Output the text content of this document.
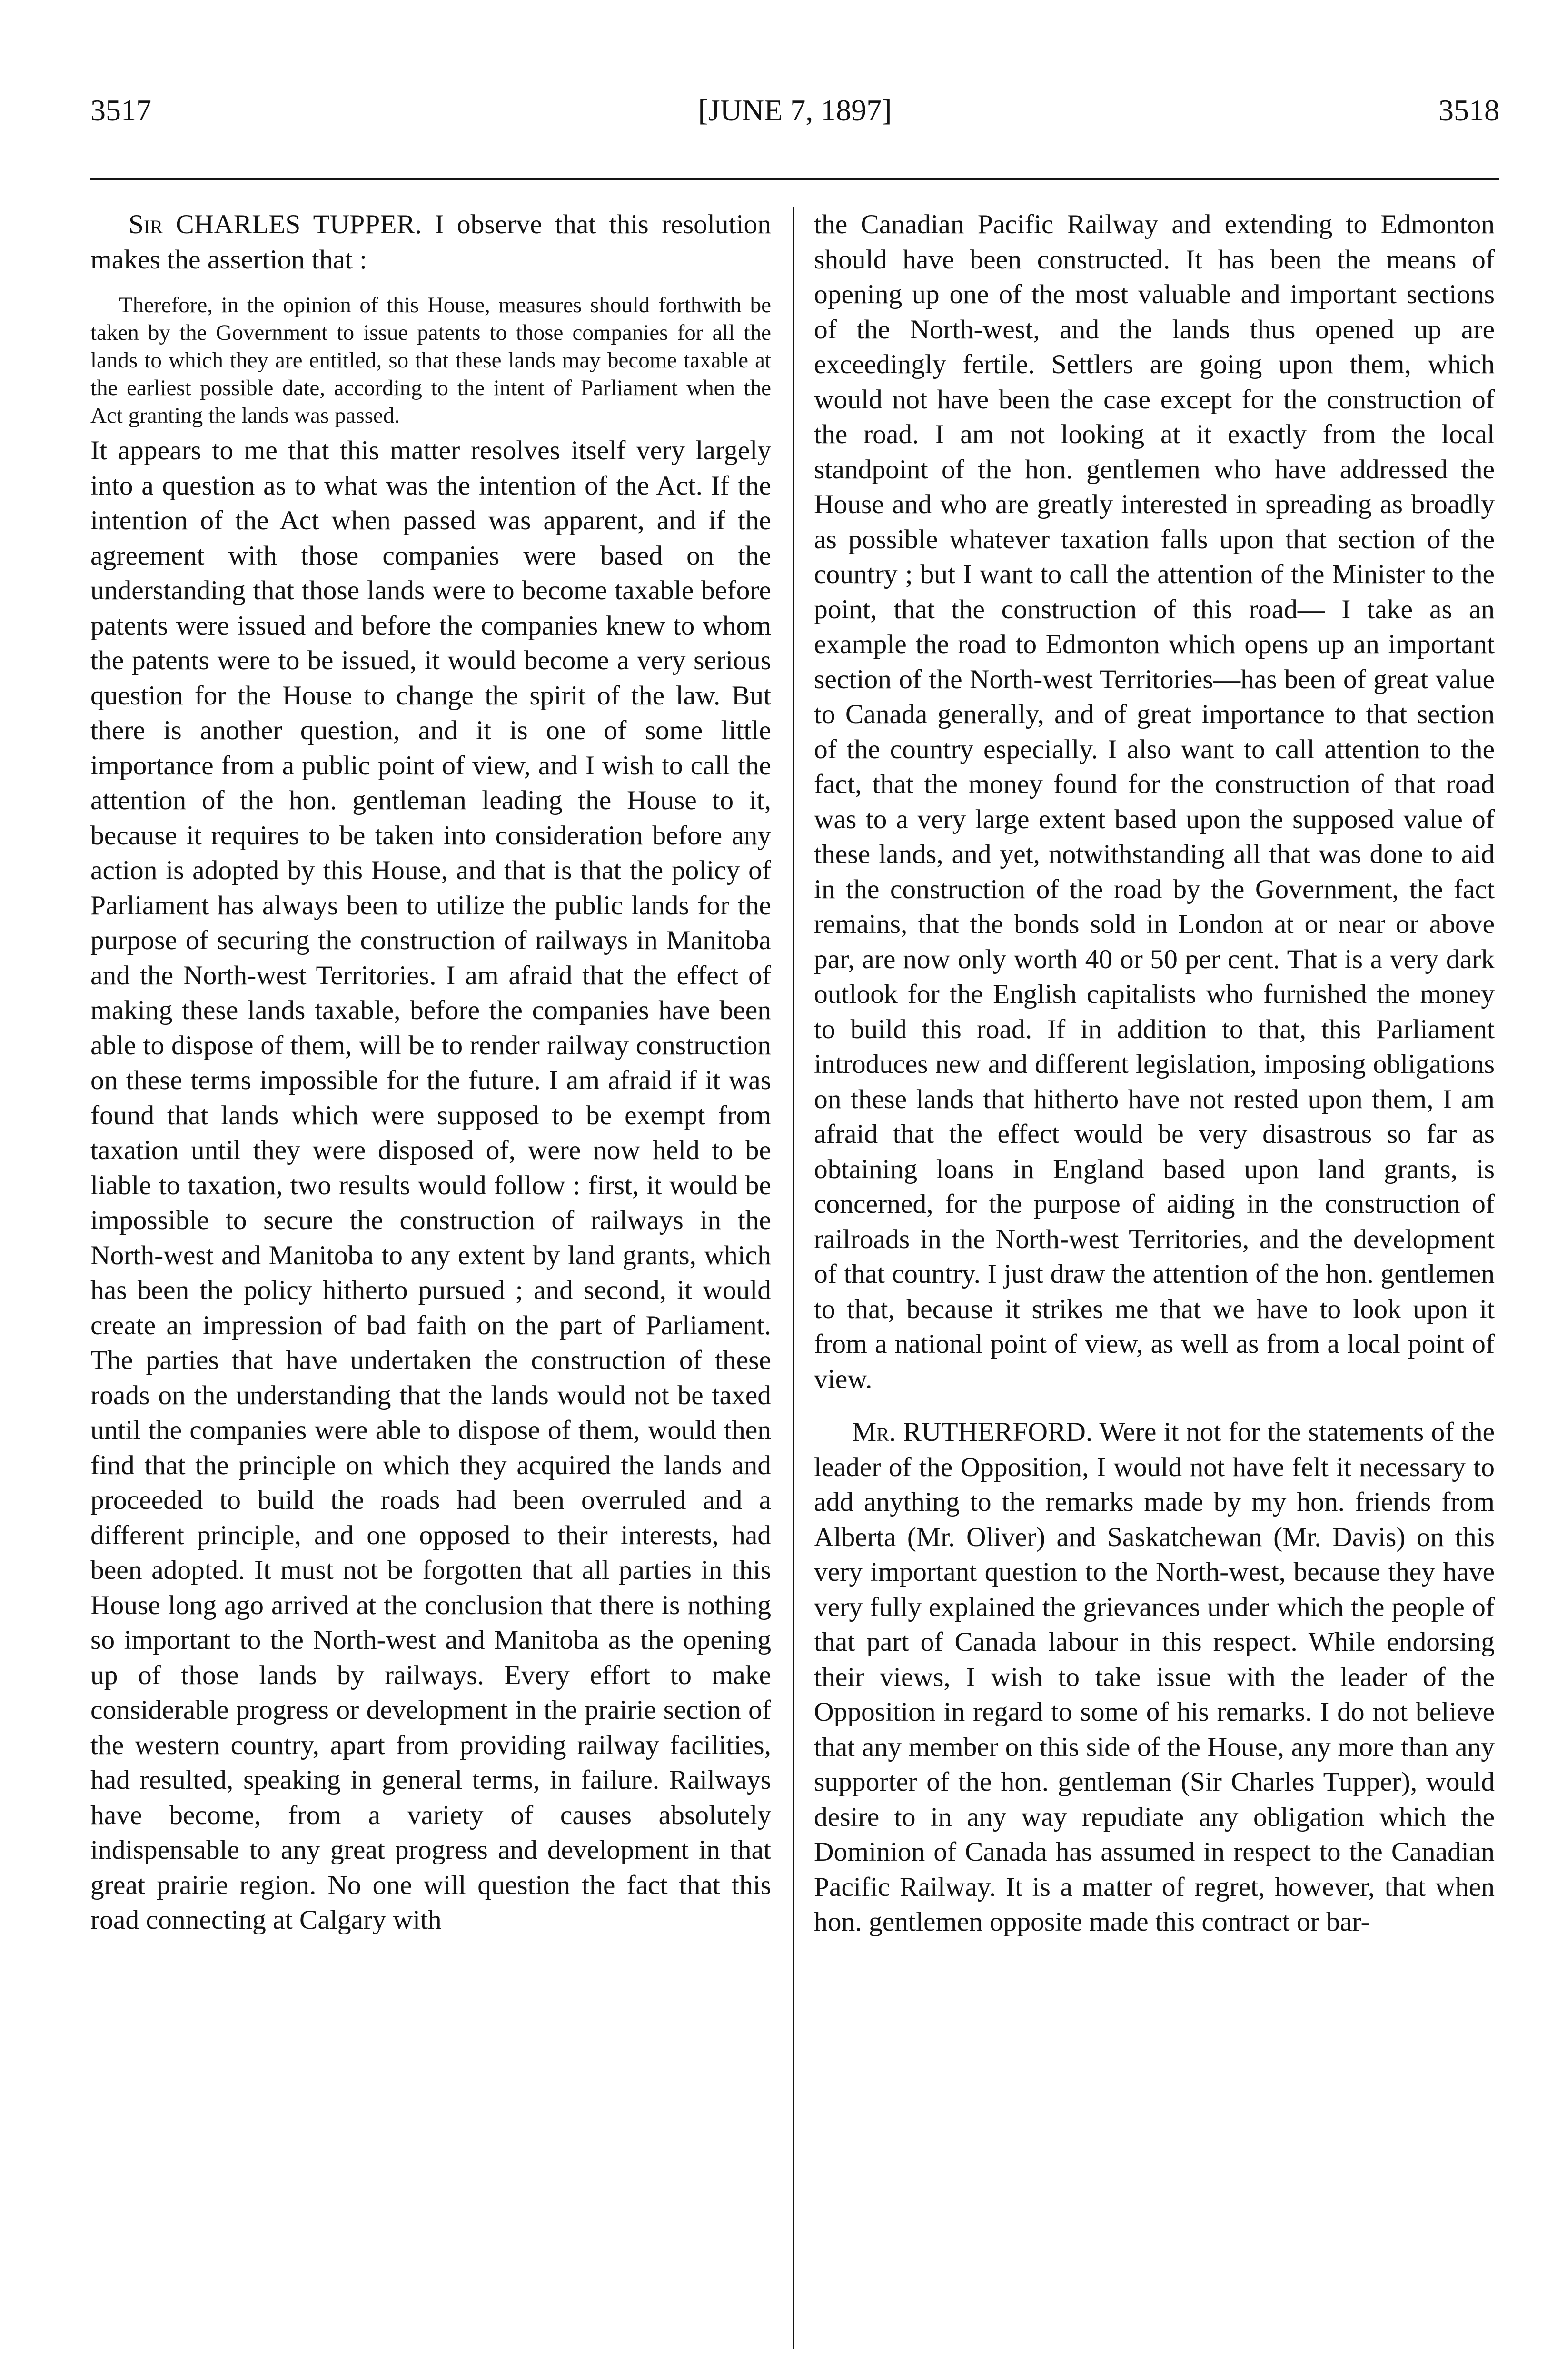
3517	[JUNE 7, 1897]	3518

Sir CHARLES TUPPER. I observe that this resolution makes the assertion that :

Therefore, in the opinion of this House, measures should forthwith be taken by the Government to issue patents to those companies for all the lands to which they are entitled, so that these lands may become taxable at the earliest possible date, according to the intent of Parliament when the Act granting the lands was passed.

It appears to me that this matter resolves itself very largely into a question as to what was the intention of the Act. If the intention of the Act when passed was apparent, and if the agreement with those companies were based on the understanding that those lands were to become taxable before patents were issued and before the companies knew to whom the patents were to be issued, it would become a very serious question for the House to change the spirit of the law. But there is another question, and it is one of some little importance from a public point of view, and I wish to call the attention of the hon. gentleman leading the House to it, because it requires to be taken into consideration before any action is adopted by this House, and that is that the policy of Parliament has always been to utilize the public lands for the purpose of securing the construction of railways in Manitoba and the North-west Territories. I am afraid that the effect of making these lands taxable, before the companies have been able to dispose of them, will be to render railway construction on these terms impossible for the future. I am afraid if it was found that lands which were supposed to be exempt from taxation until they were disposed of, were now held to be liable to taxation, two results would follow : first, it would be impossible to secure the construction of railways in the North-west and Manitoba to any extent by land grants, which has been the policy hitherto pursued ; and second, it would create an impression of bad faith on the part of Parliament. The parties that have undertaken the construction of these roads on the understanding that the lands would not be taxed until the companies were able to dispose of them, would then find that the principle on which they acquired the lands and proceeded to build the roads had been overruled and a different principle, and one opposed to their interests, had been adopted. It must not be forgotten that all parties in this House long ago arrived at the conclusion that there is nothing so important to the North-west and Manitoba as the opening up of those lands by railways. Every effort to make considerable progress or development in the prairie section of the western country, apart from providing railway facilities, had resulted, speaking in general terms, in failure. Railways have become, from a variety of causes absolutely indispensable to any great progress and development in that great prairie region. No one will question the fact that this road connecting at Calgary with

the Canadian Pacific Railway and extending to Edmonton should have been constructed. It has been the means of opening up one of the most valuable and important sections of the North-west, and the lands thus opened up are exceedingly fertile. Settlers are going upon them, which would not have been the case except for the construction of the road. I am not looking at it exactly from the local standpoint of the hon. gentlemen who have addressed the House and who are greatly interested in spreading as broadly as possible whatever taxation falls upon that section of the country ; but I want to call the attention of the Minister to the point, that the construction of this road— I take as an example the road to Edmonton which opens up an important section of the North-west Territories—has been of great value to Canada generally, and of great importance to that section of the country especially. I also want to call attention to the fact, that the money found for the construction of that road was to a very large extent based upon the supposed value of these lands, and yet, notwithstanding all that was done to aid in the construction of the road by the Government, the fact remains, that the bonds sold in London at or near or above par, are now only worth 40 or 50 per cent. That is a very dark outlook for the English capitalists who furnished the money to build this road. If in addition to that, this Parliament introduces new and different legislation, imposing obligations on these lands that hitherto have not rested upon them, I am afraid that the effect would be very disastrous so far as obtaining loans in England based upon land grants, is concerned, for the purpose of aiding in the construction of railroads in the North-west Territories, and the development of that country. I just draw the attention of the hon. gentlemen to that, because it strikes me that we have to look upon it from a national point of view, as well as from a local point of view.

Mr. RUTHERFORD. Were it not for the statements of the leader of the Opposition, I would not have felt it necessary to add anything to the remarks made by my hon. friends from Alberta (Mr. Oliver) and Saskatchewan (Mr. Davis) on this very important question to the North-west, because they have very fully explained the grievances under which the people of that part of Canada labour in this respect. While endorsing their views, I wish to take issue with the leader of the Opposition in regard to some of his remarks. I do not believe that any member on this side of the House, any more than any supporter of the hon. gentleman (Sir Charles Tupper), would desire to in any way repudiate any obligation which the Dominion of Canada has assumed in respect to the Canadian Pacific Railway. It is a matter of regret, however, that when hon. gentlemen opposite made this contract or bar-
